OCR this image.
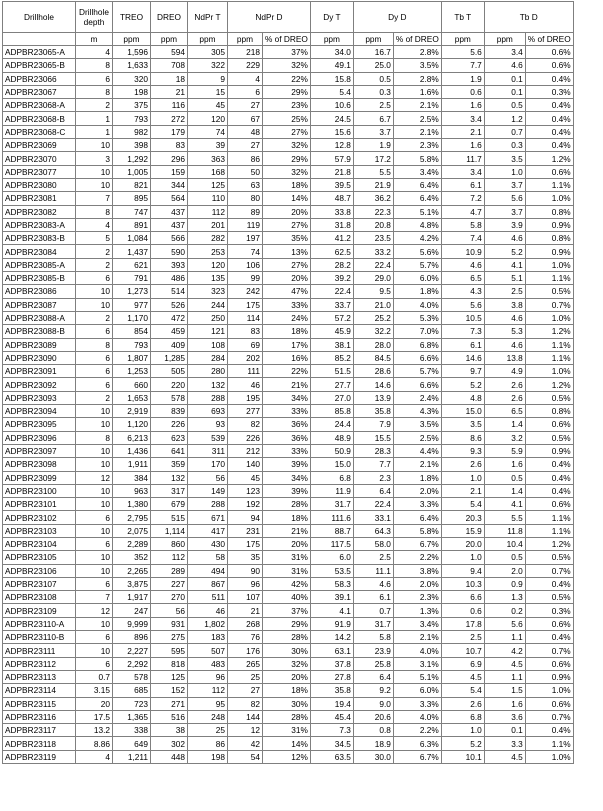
Drillhole	Drillhole depth	TREO	DREO	NdPr T	NdPr D		Dy T	Dy D		Tb T	Tb D	
	m	ppm	ppm	ppm	ppm	% of DREO	ppm	ppm	% of DREO	ppm	ppm	% of DREO
ADPBR23065-A	4	1,596	594	305	218	37%	34.0	16.7	2.8%	5.6	3.4	0.6%
ADPBR23065-B	8	1,633	708	322	229	32%	49.1	25.0	3.5%	7.7	4.6	0.6%
ADPBR23066	6	320	18	9	4	22%	15.8	0.5	2.8%	1.9	0.1	0.4%
ADPBR23067	8	198	21	15	6	29%	5.4	0.3	1.6%	0.6	0.1	0.3%
ADPBR23068-A	2	375	116	45	27	23%	10.6	2.5	2.1%	1.6	0.5	0.4%
ADPBR23068-B	1	793	272	120	67	25%	24.5	6.7	2.5%	3.4	1.2	0.4%
ADPBR23068-C	1	982	179	74	48	27%	15.6	3.7	2.1%	2.1	0.7	0.4%
ADPBR23069	10	398	83	39	27	32%	12.8	1.9	2.3%	1.6	0.3	0.4%
ADPBR23070	3	1,292	296	363	86	29%	57.9	17.2	5.8%	11.7	3.5	1.2%
ADPBR23077	10	1,005	159	168	50	32%	21.8	5.5	3.4%	3.4	1.0	0.6%
ADPBR23080	10	821	344	125	63	18%	39.5	21.9	6.4%	6.1	3.7	1.1%
ADPBR23081	7	895	564	110	80	14%	48.7	36.2	6.4%	7.2	5.6	1.0%
ADPBR23082	8	747	437	112	89	20%	33.8	22.3	5.1%	4.7	3.7	0.8%
ADPBR23083-A	4	891	437	201	119	27%	31.8	20.8	4.8%	5.8	3.9	0.9%
ADPBR23083-B	5	1,084	566	282	197	35%	41.2	23.5	4.2%	7.4	4.6	0.8%
ADPBR23084	2	1,437	590	253	74	13%	62.5	33.2	5.6%	10.9	5.2	0.9%
ADPBR23085-A	2	621	393	120	106	27%	28.2	22.4	5.7%	4.6	4.1	1.0%
ADPBR23085-B	6	791	486	135	99	20%	39.2	29.0	6.0%	6.5	5.1	1.1%
ADPBR23086	10	1,273	514	323	242	47%	22.4	9.5	1.8%	4.3	2.5	0.5%
ADPBR23087	10	977	526	244	175	33%	33.7	21.0	4.0%	5.6	3.8	0.7%
ADPBR23088-A	2	1,170	472	250	114	24%	57.2	25.2	5.3%	10.5	4.6	1.0%
ADPBR23088-B	6	854	459	121	83	18%	45.9	32.2	7.0%	7.3	5.3	1.2%
ADPBR23089	8	793	409	108	69	17%	38.1	28.0	6.8%	6.1	4.6	1.1%
ADPBR23090	6	1,807	1,285	284	202	16%	85.2	84.5	6.6%	14.6	13.8	1.1%
ADPBR23091	6	1,253	505	280	111	22%	51.5	28.6	5.7%	9.7	4.9	1.0%
ADPBR23092	6	660	220	132	46	21%	27.7	14.6	6.6%	5.2	2.6	1.2%
ADPBR23093	2	1,653	578	288	195	34%	27.0	13.9	2.4%	4.8	2.6	0.5%
ADPBR23094	10	2,919	839	693	277	33%	85.8	35.8	4.3%	15.0	6.5	0.8%
ADPBR23095	10	1,120	226	93	82	36%	24.4	7.9	3.5%	3.5	1.4	0.6%
ADPBR23096	8	6,213	623	539	226	36%	48.9	15.5	2.5%	8.6	3.2	0.5%
ADPBR23097	10	1,436	641	311	212	33%	50.9	28.3	4.4%	9.3	5.9	0.9%
ADPBR23098	10	1,911	359	170	140	39%	15.0	7.7	2.1%	2.6	1.6	0.4%
ADPBR23099	12	384	132	56	45	34%	6.8	2.3	1.8%	1.0	0.5	0.4%
ADPBR23100	10	963	317	149	123	39%	11.9	6.4	2.0%	2.1	1.4	0.4%
ADPBR23101	10	1,380	679	288	192	28%	31.7	22.4	3.3%	5.4	4.1	0.6%
ADPBR23102	6	2,795	515	671	94	18%	111.6	33.1	6.4%	20.3	5.5	1.1%
ADPBR23103	10	2,075	1,114	417	231	21%	88.7	64.3	5.8%	15.9	11.8	1.1%
ADPBR23104	6	2,289	860	430	175	20%	117.5	58.0	6.7%	20.0	10.4	1.2%
ADPBR23105	10	352	112	58	35	31%	6.0	2.5	2.2%	1.0	0.5	0.5%
ADPBR23106	10	2,265	289	494	90	31%	53.5	11.1	3.8%	9.4	2.0	0.7%
ADPBR23107	6	3,875	227	867	96	42%	58.3	4.6	2.0%	10.3	0.9	0.4%
ADPBR23108	7	1,917	270	511	107	40%	39.1	6.1	2.3%	6.6	1.3	0.5%
ADPBR23109	12	247	56	46	21	37%	4.1	0.7	1.3%	0.6	0.2	0.3%
ADPBR23110-A	10	9,999	931	1,802	268	29%	91.9	31.7	3.4%	17.8	5.6	0.6%
ADPBR23110-B	6	896	275	183	76	28%	14.2	5.8	2.1%	2.5	1.1	0.4%
ADPBR23111	10	2,227	595	507	176	30%	63.1	23.9	4.0%	10.7	4.2	0.7%
ADPBR23112	6	2,292	818	483	265	32%	37.8	25.8	3.1%	6.9	4.5	0.6%
ADPBR23113	0.7	578	125	96	25	20%	27.8	6.4	5.1%	4.5	1.1	0.9%
ADPBR23114	3.15	685	152	112	27	18%	35.8	9.2	6.0%	5.4	1.5	1.0%
ADPBR23115	20	723	271	95	82	30%	19.4	9.0	3.3%	2.6	1.6	0.6%
ADPBR23116	17.5	1,365	516	248	144	28%	45.4	20.6	4.0%	6.8	3.6	0.7%
ADPBR23117	13.2	338	38	25	12	31%	7.3	0.8	2.2%	1.0	0.1	0.4%
ADPBR23118	8.86	649	302	86	42	14%	34.5	18.9	6.3%	5.2	3.3	1.1%
ADPBR23119	4	1,211	448	198	54	12%	63.5	30.0	6.7%	10.1	4.5	1.0%
